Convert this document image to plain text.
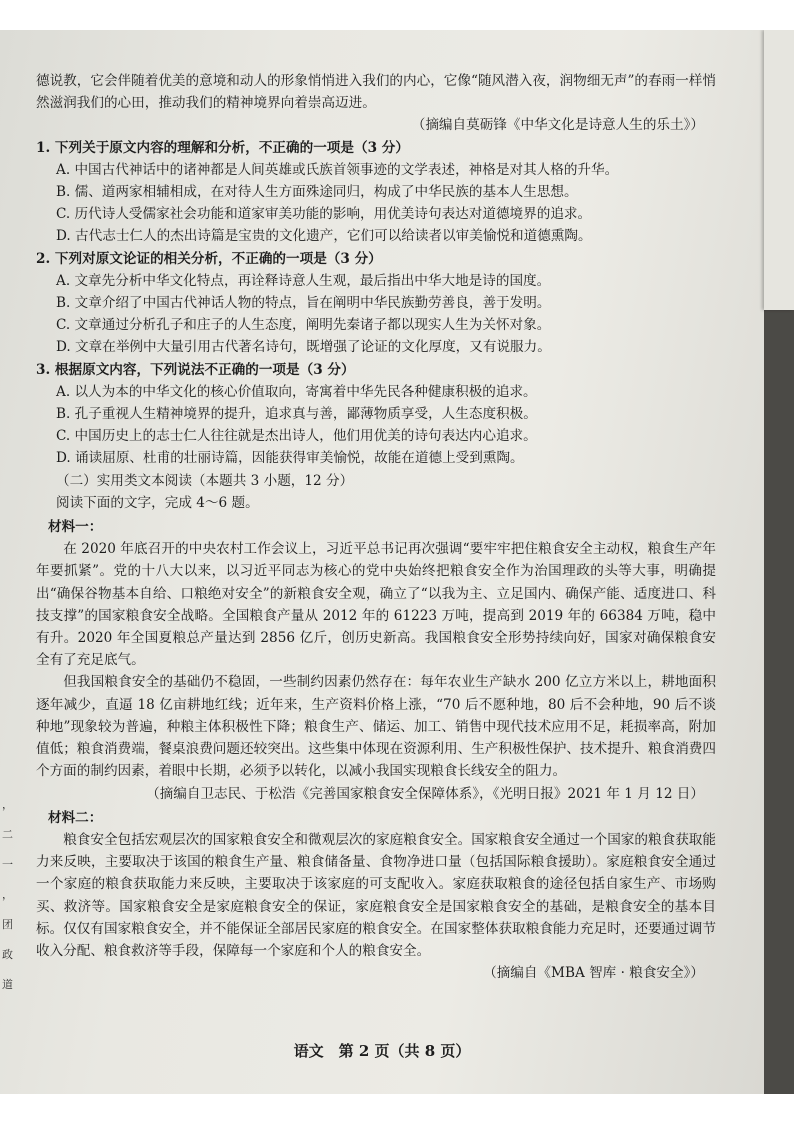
德说教，它会伴随着优美的意境和动人的形象悄悄进入我们的内心，它像“随风潜入夜，润物细无声”的春雨一样悄然滋润我们的心田，推动我们的精神境界向着崇高迈进。

（摘编自莫砺锋《中华文化是诗意人生的乐土》）

1. 下列关于原文内容的理解和分析，不正确的一项是（3 分）

A. 中国古代神话中的诸神都是人间英雄或氏族首领事迹的文学表述，神格是对其人格的升华。

B. 儒、道两家相辅相成，在对待人生方面殊途同归，构成了中华民族的基本人生思想。

C. 历代诗人受儒家社会功能和道家审美功能的影响，用优美诗句表达对道德境界的追求。

D. 古代志士仁人的杰出诗篇是宝贵的文化遗产，它们可以给读者以审美愉悦和道德熏陶。

2. 下列对原文论证的相关分析，不正确的一项是（3 分）

A. 文章先分析中华文化特点，再诠释诗意人生观，最后指出中华大地是诗的国度。

B. 文章介绍了中国古代神话人物的特点，旨在阐明中华民族勤劳善良，善于发明。

C. 文章通过分析孔子和庄子的人生态度，阐明先秦诸子都以现实人生为关怀对象。

D. 文章在举例中大量引用古代著名诗句，既增强了论证的文化厚度，又有说服力。

3. 根据原文内容，下列说法不正确的一项是（3 分）

A. 以人为本的中华文化的核心价值取向，寄寓着中华先民各种健康积极的追求。

B. 孔子重视人生精神境界的提升，追求真与善，鄙薄物质享受，人生态度积极。

C. 中国历史上的志士仁人往往就是杰出诗人，他们用优美的诗句表达内心追求。

D. 诵读屈原、杜甫的壮丽诗篇，因能获得审美愉悦，故能在道德上受到熏陶。

（二）实用类文本阅读（本题共 3 小题，12 分）

阅读下面的文字，完成 4～6 题。

材料一：

在 2020 年底召开的中央农村工作会议上，习近平总书记再次强调“要牢牢把住粮食安全主动权，粮食生产年年要抓紧”。党的十八大以来，以习近平同志为核心的党中央始终把粮食安全作为治国理政的头等大事，明确提出“确保谷物基本自给、口粮绝对安全”的新粮食安全观，确立了“以我为主、立足国内、确保产能、适度进口、科技支撑”的国家粮食安全战略。全国粮食产量从 2012 年的 61223 万吨，提高到 2019 年的 66384 万吨，稳中有升。2020 年全国夏粮总产量达到 2856 亿斤，创历史新高。我国粮食安全形势持续向好，国家对确保粮食安全有了充足底气。

但我国粮食安全的基础仍不稳固，一些制约因素仍然存在：每年农业生产缺水 200 亿立方米以上，耕地面积逐年减少，直逼 18 亿亩耕地红线；近年来，生产资料价格上涨，“70 后不愿种地，80 后不会种地，90 后不谈种地”现象较为普遍，种粮主体积极性下降；粮食生产、储运、加工、销售中现代技术应用不足，耗损率高，附加值低；粮食消费端，餐桌浪费问题还较突出。这些集中体现在资源利用、生产积极性保护、技术提升、粮食消费四个方面的制约因素，着眼中长期，必须予以转化，以减小我国实现粮食长线安全的阻力。

（摘编自卫志民、于松浩《完善国家粮食安全保障体系》，《光明日报》2021 年 1 月 12 日）

材料二：

粮食安全包括宏观层次的国家粮食安全和微观层次的家庭粮食安全。国家粮食安全通过一个国家的粮食获取能力来反映，主要取决于该国的粮食生产量、粮食储备量、食物净进口量（包括国际粮食援助）。家庭粮食安全通过一个家庭的粮食获取能力来反映，主要取决于该家庭的可支配收入。家庭获取粮食的途径包括自家生产、市场购买、救济等。国家粮食安全是家庭粮食安全的保证，家庭粮食安全是国家粮食安全的基础，是粮食安全的基本目标。仅仅有国家粮食安全，并不能保证全部居民家庭的粮食安全。在国家整体获取粮食能力充足时，还要通过调节收入分配、粮食救济等手段，保障每一个家庭和个人的粮食安全。

（摘编自《MBA 智库 · 粮食安全》）

，
二
一
，
团
政
道
语文　第 2 页（共 8 页）
